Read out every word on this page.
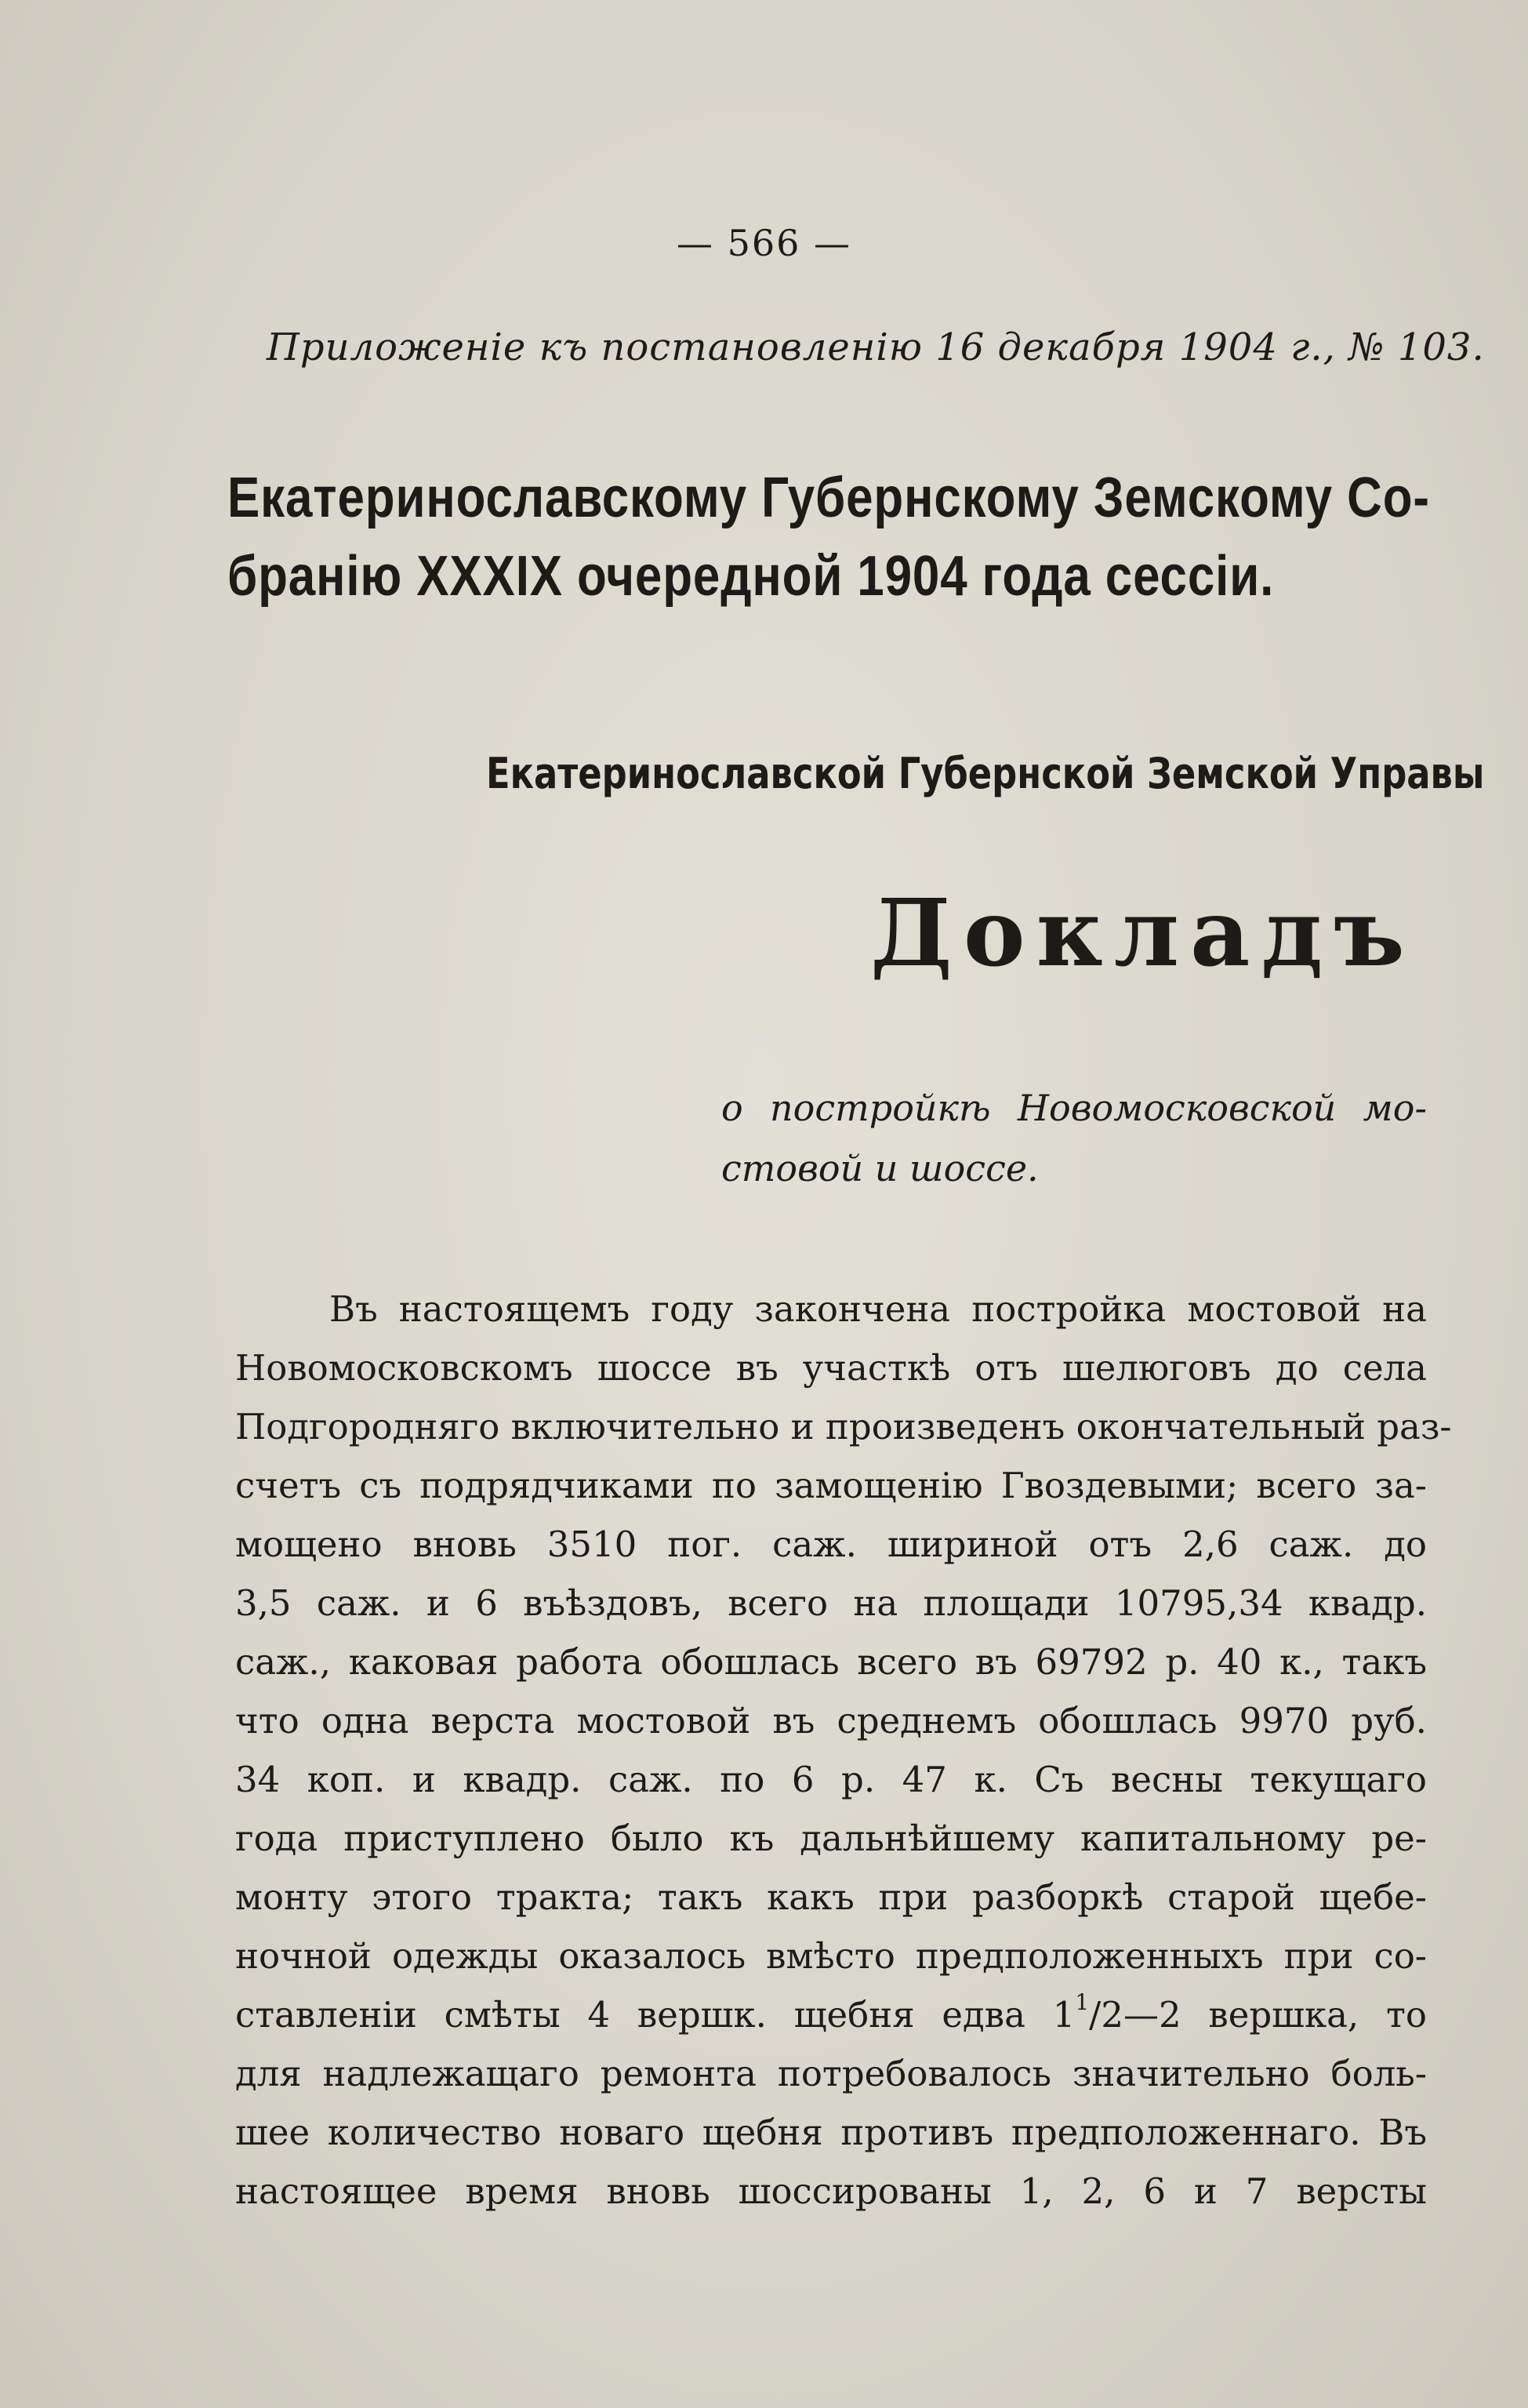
— 566 —
Приложеніе къ постановленію 16 декабря 1904 г., № 103.
Екатеринославскому Губернскому Земскому Со-
бранію XXXIX очередной 1904 года сессіи.
Екатеринославской Губернской Земской Управы
Докладъ
о постройкѣ Новомосковской мо-
стовой и шоссе.
Въ настоящемъ году закончена постройка мостовой на
Новомосковскомъ шоссе въ участкѣ отъ шелюговъ до села
Подгороднягo включительно и произведенъ окончательный раз-
счетъ съ подрядчиками по замощенію Гвоздевыми; всего за-
мощено вновь 3510 пог. саж. шириной отъ 2,6 саж. до
3,5 саж. и 6 въѣздовъ, всего на площади 10795,34 квадр.
саж., каковая работа обошлась всего въ 69792 р. 40 к., такъ
что одна верста мостовой въ среднемъ обошлась 9970 руб.
34 коп. и квадр. саж. по 6 р. 47 к. Съ весны текущаго
года приступлено было къ дальнѣйшему капитальному ре-
монту этого тракта; такъ какъ при разборкѣ старой щебе-
ночной одежды оказалось вмѣсто предположенныхъ при со-
ставленіи смѣты 4 вершк. щебня едва $1^1/2—2$ вершка, то
для надлежащаго ремонта потребовалось значительно боль-
шее количество новаго щебня противъ предположеннаго. Въ
настоящее время вновь шоссированы 1, 2, 6 и 7 версты
